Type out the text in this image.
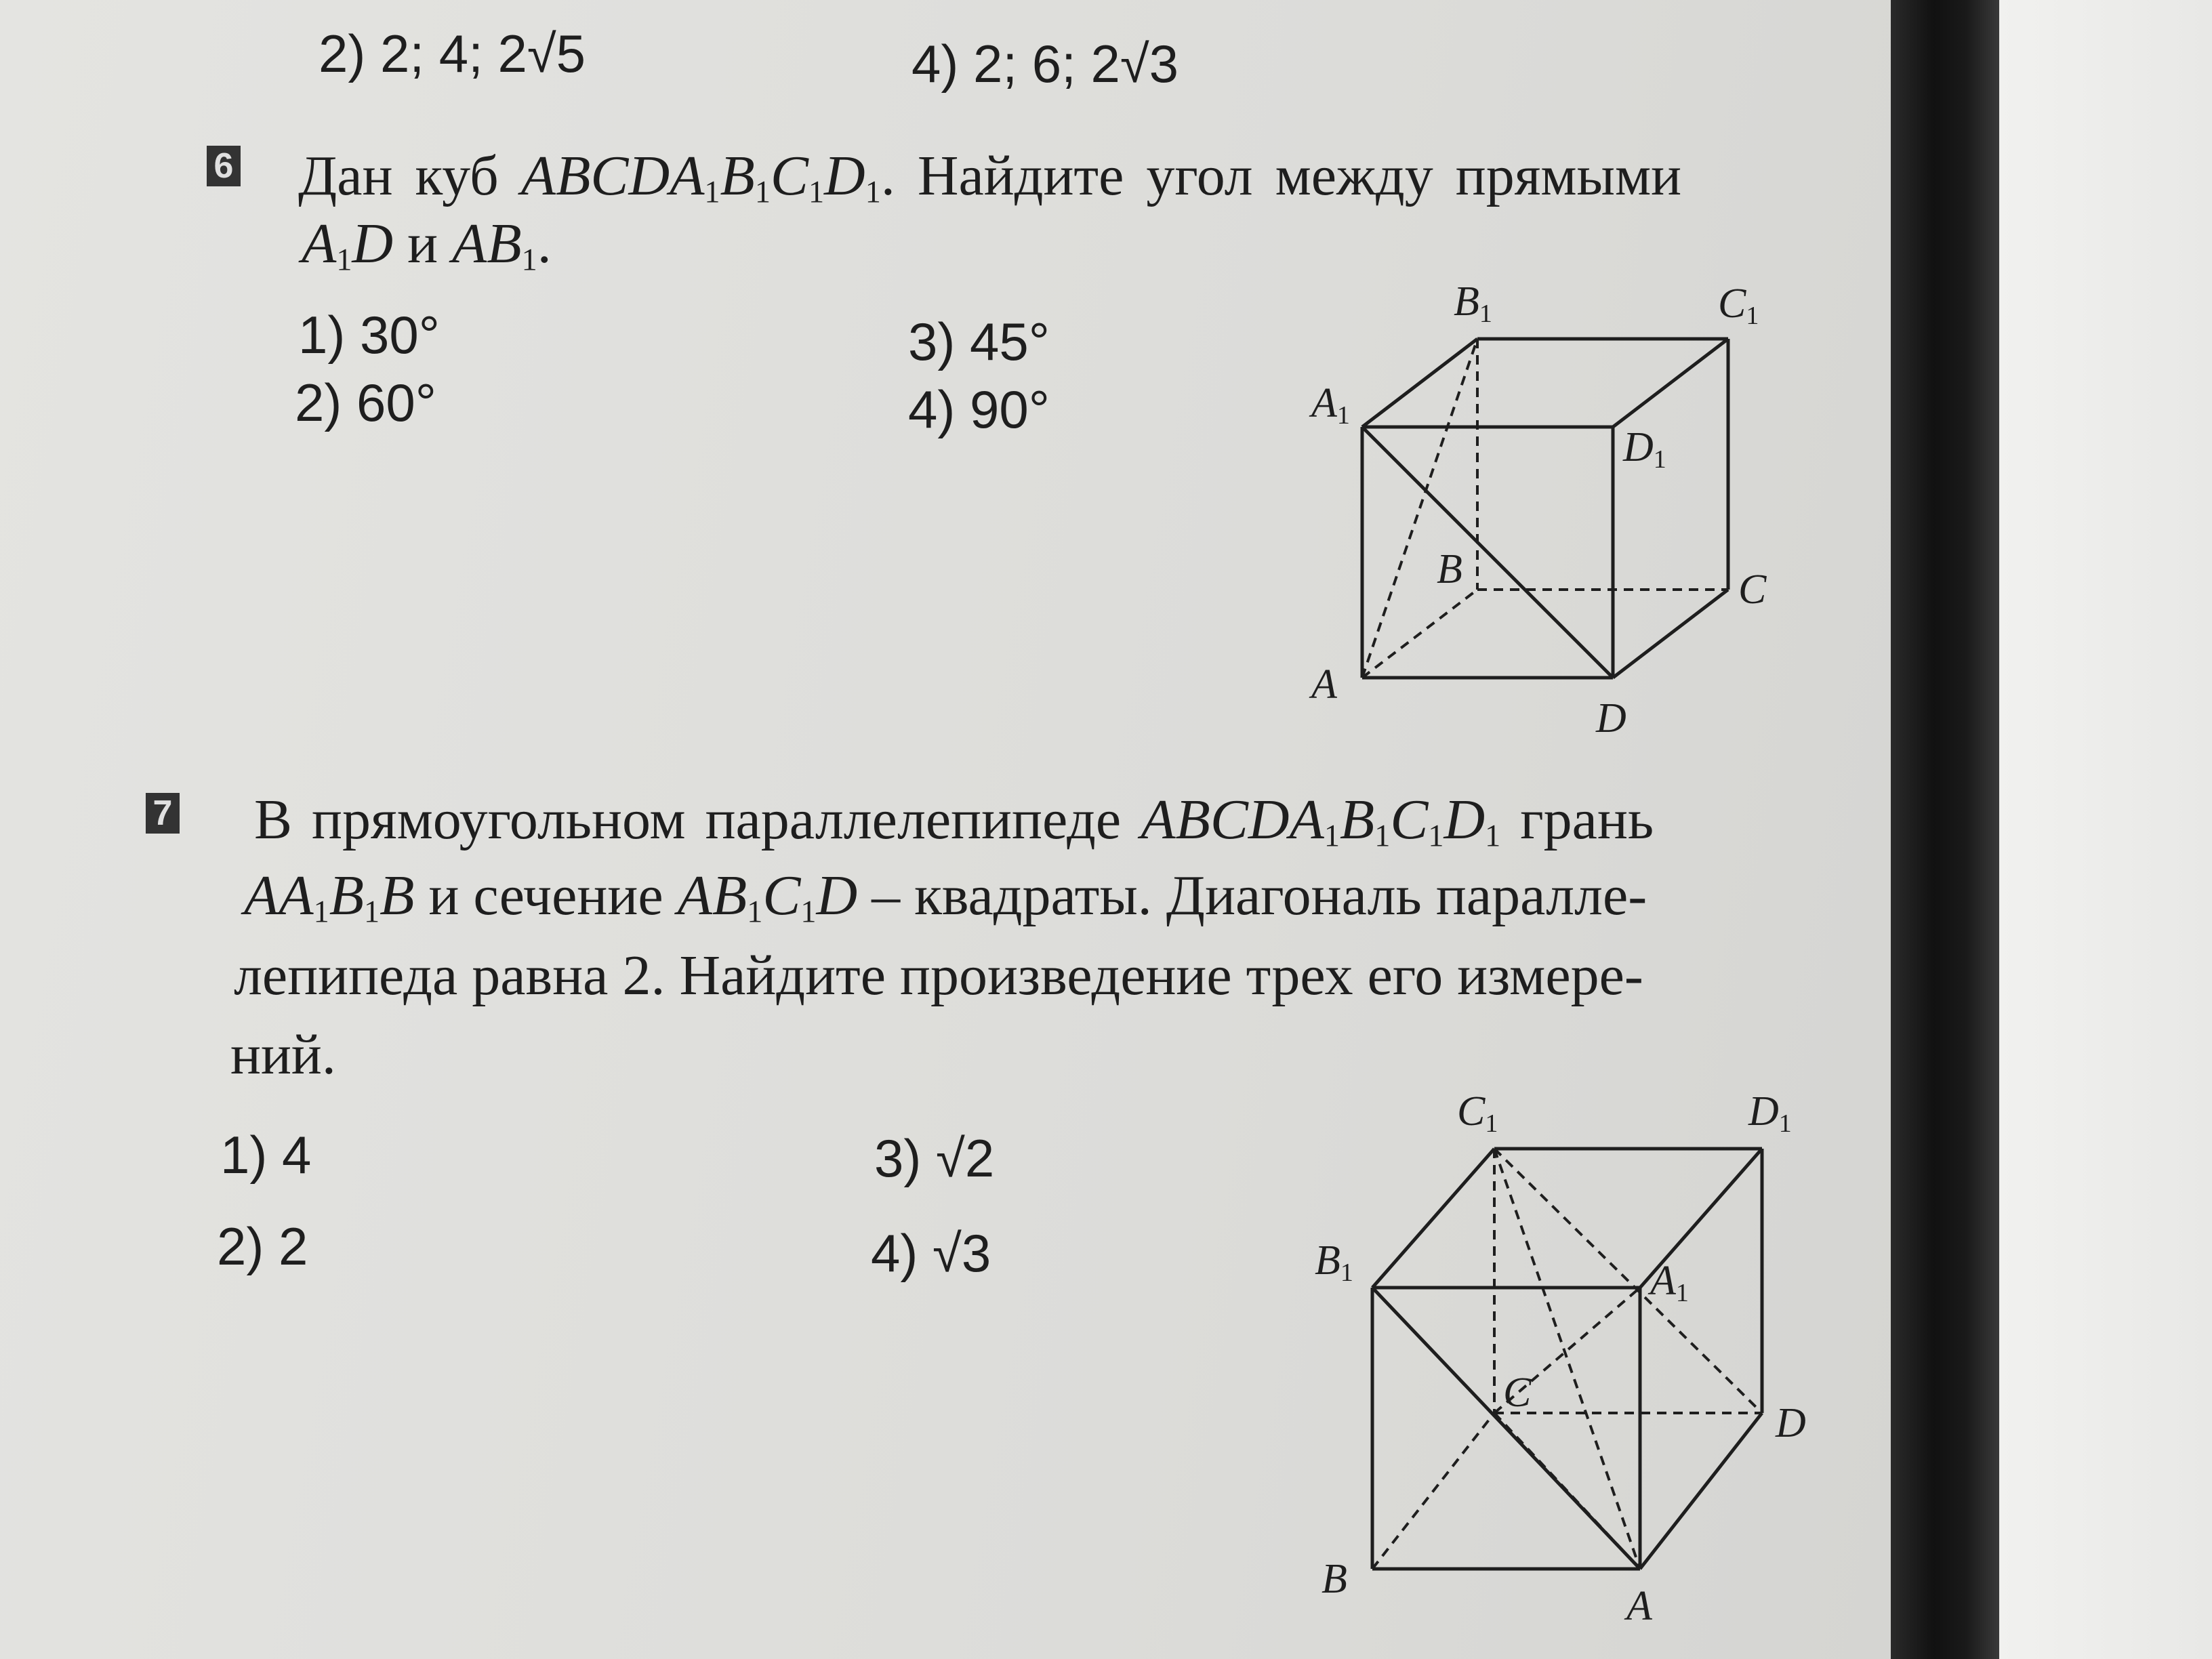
2) 2; 4; 2√5	4) 2; 6; 2√3
6 Дан куб $ABCDA_1B_1C_1D_1$. Найдите угол между прямыми
$A_1D$ и $AB_1$.
1) 30°	3) 45°
2) 60°	4) 90°
B1	C1
A1
D1
B	C
A
D
7 В прямоугольном параллелепипеде $ABCDA_1B_1C_1D_1$ грань
$AA_1B_1B$ и сечение $AB_1C_1D$ – квадраты. Диагональ паралле-
лепипеда равна 2. Найдите произведение трех его измере-
ний.
1) 4	3) √2
2) 2	4) √3
C1	D1
B1	A1
C
D
B
A
